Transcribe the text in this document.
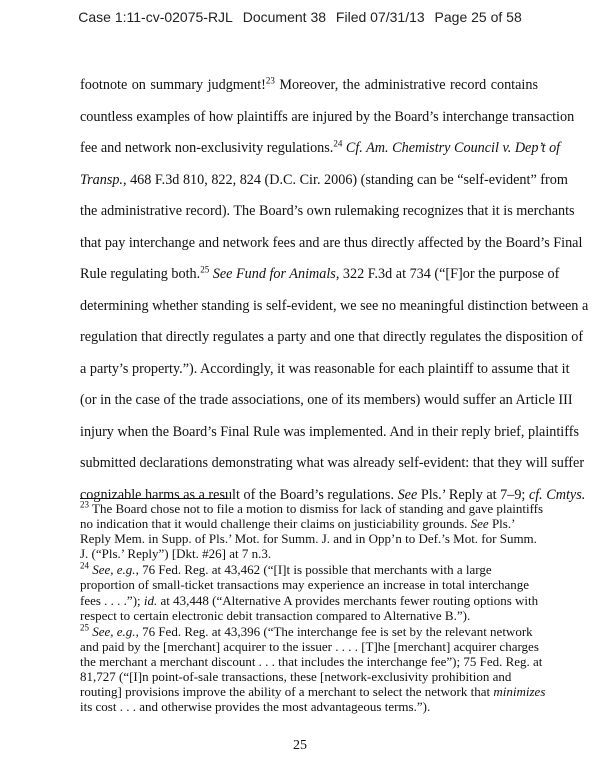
Case 1:11-cv-02075-RJL Document 38 Filed 07/31/13 Page 25 of 58
footnote on summary judgment!$^{23}$ Moreover, the administrative record contains
countless examples of how plaintiffs are injured by the Board’s interchange transaction
fee and network non-exclusivity regulations.$^{24}$ Cf. Am. Chemistry Council v. Dep’t of
Transp., 468 F.3d 810, 822, 824 (D.C. Cir. 2006) (standing can be “self-evident” from
the administrative record). The Board’s own rulemaking recognizes that it is merchants
that pay interchange and network fees and are thus directly affected by the Board’s Final
Rule regulating both.$^{25}$ See Fund for Animals, 322 F.3d at 734 (“[F]or the purpose of
determining whether standing is self-evident, we see no meaningful distinction between a
regulation that directly regulates a party and one that directly regulates the disposition of
a party’s property.”). Accordingly, it was reasonable for each plaintiff to assume that it
(or in the case of the trade associations, one of its members) would suffer an Article III
injury when the Board’s Final Rule was implemented. And in their reply brief, plaintiffs
submitted declarations demonstrating what was already self-evident: that they will suffer
cognizable harms as a result of the Board’s regulations. See Pls.’ Reply at 7–9; cf. Cmtys.
$^{23}$ The Board chose not to file a motion to dismiss for lack of standing and gave plaintiffs
no indication that it would challenge their claims on justiciability grounds. See Pls.’
Reply Mem. in Supp. of Pls.’ Mot. for Summ. J. and in Opp’n to Def.’s Mot. for Summ.
J. (“Pls.’ Reply”) [Dkt. #26] at 7 n.3.
$^{24}$ See, e.g., 76 Fed. Reg. at 43,462 (“[I]t is possible that merchants with a large
proportion of small-ticket transactions may experience an increase in total interchange
fees . . . .”); id. at 43,448 (“Alternative A provides merchants fewer routing options with
respect to certain electronic debit transaction compared to Alternative B.”).
$^{25}$ See, e.g., 76 Fed. Reg. at 43,396 (“The interchange fee is set by the relevant network
and paid by the [merchant] acquirer to the issuer . . . . [T]he [merchant] acquirer charges
the merchant a merchant discount . . . that includes the interchange fee”); 75 Fed. Reg. at
81,727 (“[I]n point-of-sale transactions, these [network-exclusivity prohibition and
routing] provisions improve the ability of a merchant to select the network that minimizes
its cost . . . and otherwise provides the most advantageous terms.”).
25
